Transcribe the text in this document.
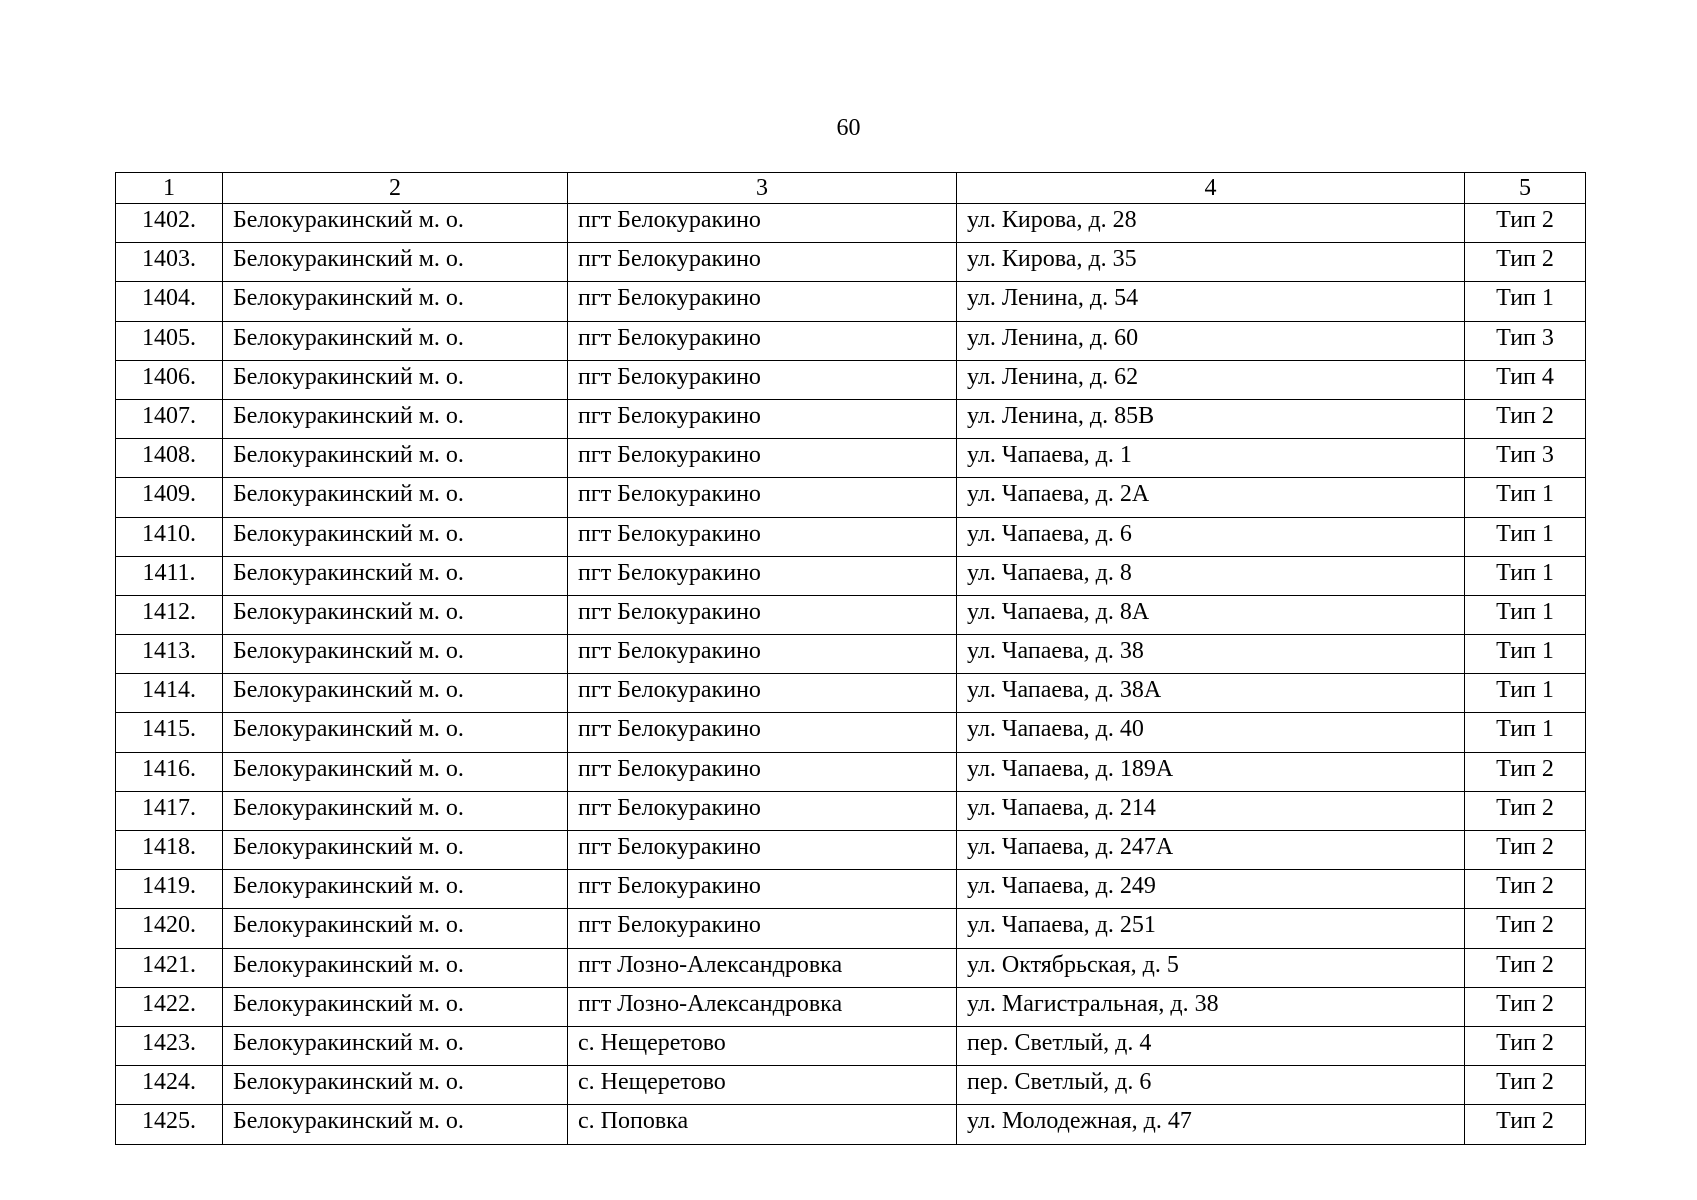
60
1	2	3	4	5
1402.	Белокуракинский м. о.	пгт Белокуракино	ул. Кирова, д. 28	Тип 2
1403.	Белокуракинский м. о.	пгт Белокуракино	ул. Кирова, д. 35	Тип 2
1404.	Белокуракинский м. о.	пгт Белокуракино	ул. Ленина, д. 54	Тип 1
1405.	Белокуракинский м. о.	пгт Белокуракино	ул. Ленина, д. 60	Тип 3
1406.	Белокуракинский м. о.	пгт Белокуракино	ул. Ленина, д. 62	Тип 4
1407.	Белокуракинский м. о.	пгт Белокуракино	ул. Ленина, д. 85В	Тип 2
1408.	Белокуракинский м. о.	пгт Белокуракино	ул. Чапаева, д. 1	Тип 3
1409.	Белокуракинский м. о.	пгт Белокуракино	ул. Чапаева, д. 2А	Тип 1
1410.	Белокуракинский м. о.	пгт Белокуракино	ул. Чапаева, д. 6	Тип 1
1411.	Белокуракинский м. о.	пгт Белокуракино	ул. Чапаева, д. 8	Тип 1
1412.	Белокуракинский м. о.	пгт Белокуракино	ул. Чапаева, д. 8А	Тип 1
1413.	Белокуракинский м. о.	пгт Белокуракино	ул. Чапаева, д. 38	Тип 1
1414.	Белокуракинский м. о.	пгт Белокуракино	ул. Чапаева, д. 38А	Тип 1
1415.	Белокуракинский м. о.	пгт Белокуракино	ул. Чапаева, д. 40	Тип 1
1416.	Белокуракинский м. о.	пгт Белокуракино	ул. Чапаева, д. 189А	Тип 2
1417.	Белокуракинский м. о.	пгт Белокуракино	ул. Чапаева, д. 214	Тип 2
1418.	Белокуракинский м. о.	пгт Белокуракино	ул. Чапаева, д. 247А	Тип 2
1419.	Белокуракинский м. о.	пгт Белокуракино	ул. Чапаева, д. 249	Тип 2
1420.	Белокуракинский м. о.	пгт Белокуракино	ул. Чапаева, д. 251	Тип 2
1421.	Белокуракинский м. о.	пгт Лозно-Александровка	ул. Октябрьская, д. 5	Тип 2
1422.	Белокуракинский м. о.	пгт Лозно-Александровка	ул. Магистральная, д. 38	Тип 2
1423.	Белокуракинский м. о.	с. Нещеретово	пер. Светлый, д. 4	Тип 2
1424.	Белокуракинский м. о.	с. Нещеретово	пер. Светлый, д. 6	Тип 2
1425.	Белокуракинский м. о.	с. Поповка	ул. Молодежная, д. 47	Тип 2
